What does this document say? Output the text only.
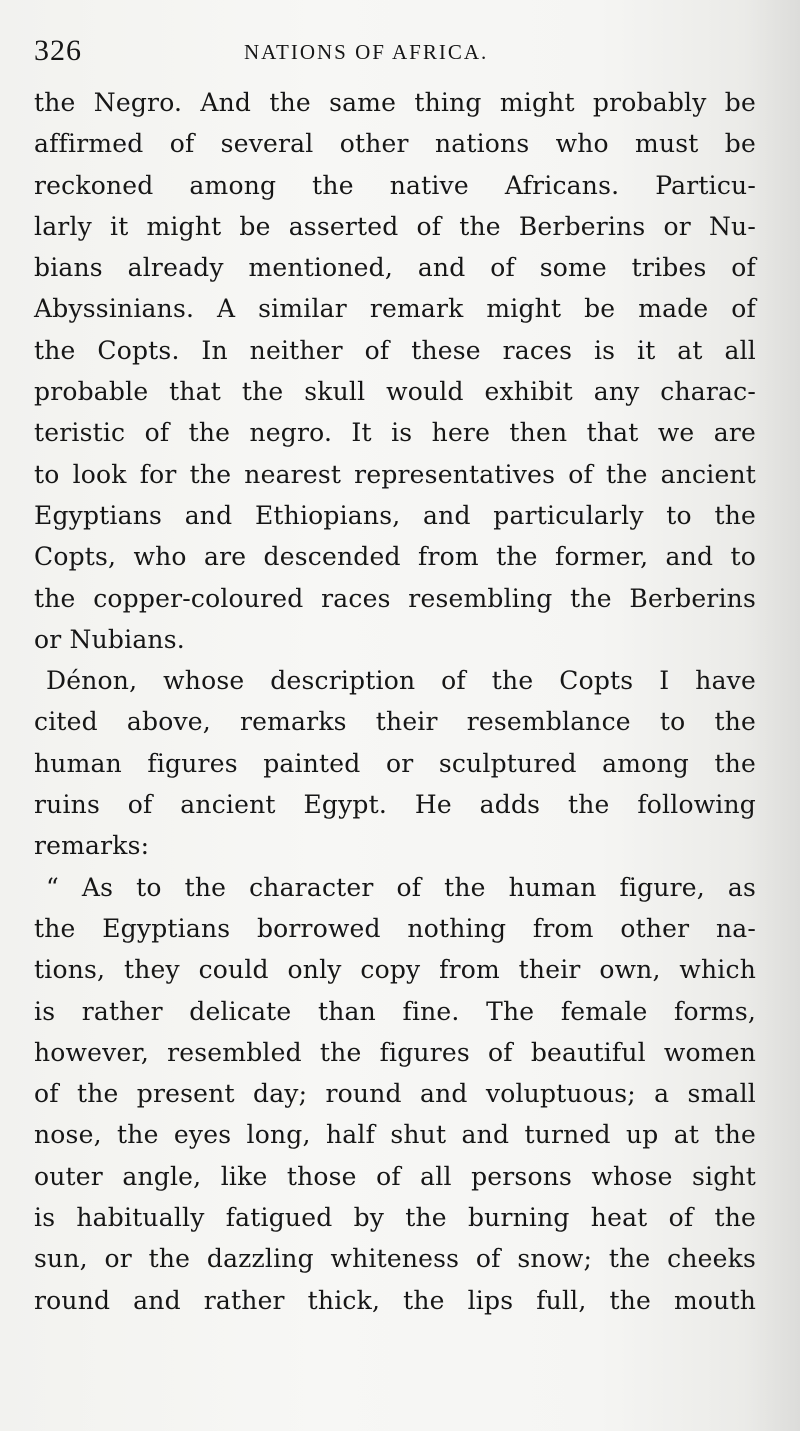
326	NATIONS OF AFRICA.
the Negro. And the same thing might probably be
affirmed of several other nations who must be
reckoned among the native Africans. Particu-
larly it might be asserted of the Berberins or Nu-
bians already mentioned, and of some tribes of
Abyssinians. A similar remark might be made of
the Copts. In neither of these races is it at all
probable that the skull would exhibit any charac-
teristic of the negro. It is here then that we are
to look for the nearest representatives of the ancient
Egyptians and Ethiopians, and particularly to the
Copts, who are descended from the former, and to
the copper-coloured races resembling the Berberins
or Nubians.
Dénon, whose description of the Copts I have
cited above, remarks their resemblance to the
human figures painted or sculptured among the
ruins of ancient Egypt. He adds the following
remarks:
“ As to the character of the human figure, as
the Egyptians borrowed nothing from other na-
tions, they could only copy from their own, which
is rather delicate than fine. The female forms,
however, resembled the figures of beautiful women
of the present day; round and voluptuous; a small
nose, the eyes long, half shut and turned up at the
outer angle, like those of all persons whose sight
is habitually fatigued by the burning heat of the
sun, or the dazzling whiteness of snow; the cheeks
round and rather thick, the lips full, the mouth
